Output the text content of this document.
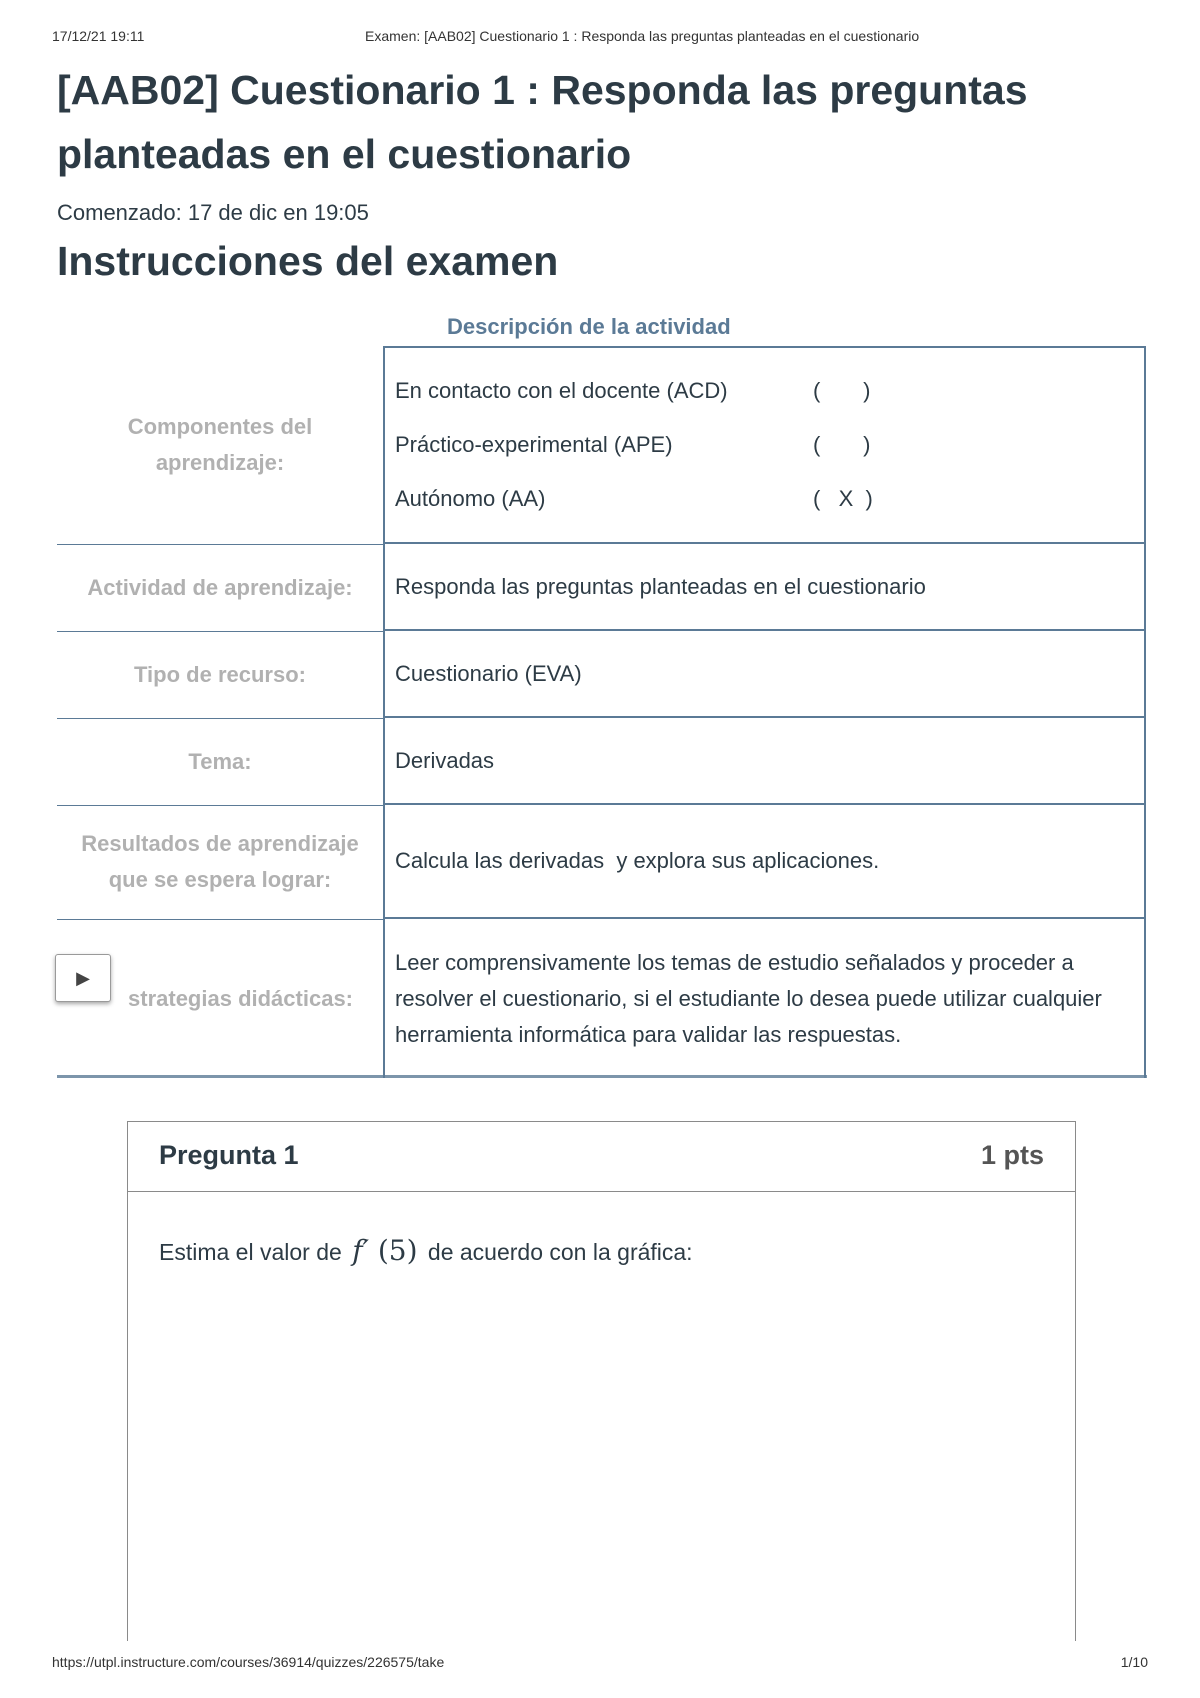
17/12/21 19:11	Examen: [AAB02] Cuestionario 1 : Responda las preguntas planteadas en el cuestionario
[AAB02] Cuestionario 1 : Responda las preguntas planteadas en el cuestionario
Comenzado: 17 de dic en 19:05
Instrucciones del examen
Descripción de la actividad
Componentes del aprendizaje:
En contacto con el docente (ACD)	(       )
Práctico-experimental (APE)	(       )
Autónomo (AA)	(   X  )
Actividad de aprendizaje:	Responda las preguntas planteadas en el cuestionario
Tipo de recurso:	Cuestionario (EVA)
Tema:	Derivadas
Resultados de aprendizaje que se espera lograr:
Calcula las derivadas  y explora sus aplicaciones.
strategias didácticas:
Leer comprensivamente los temas de estudio señalados y proceder a resolver el cuestionario, si el estudiante lo desea puede utilizar cualquier herramienta informática para validar las respuestas.
▶
Pregunta 1	1 pts
Estima el valor de f′ (5) de acuerdo con la gráfica:
https://utpl.instructure.com/courses/36914/quizzes/226575/take	1/10
